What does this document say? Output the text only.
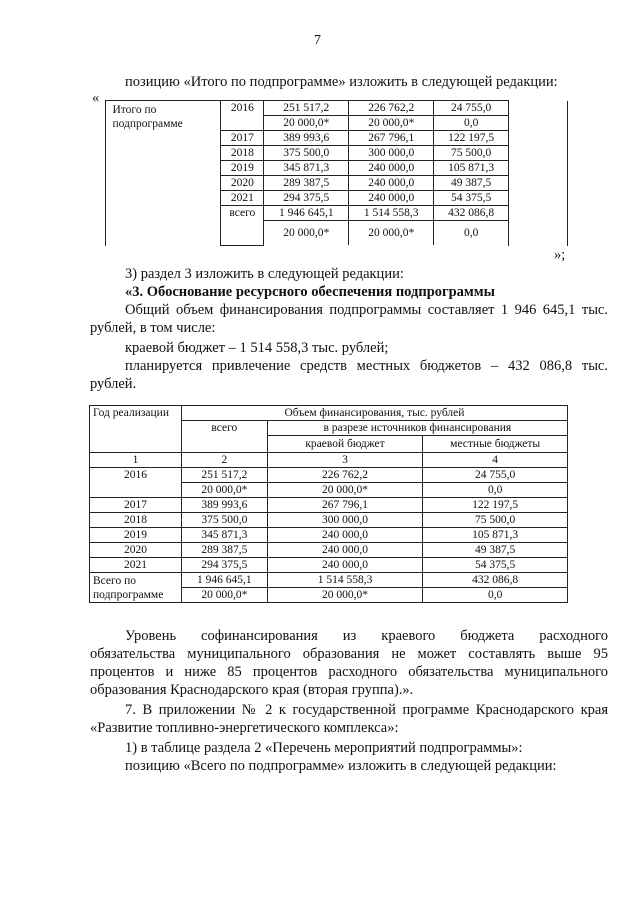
7
позицию «Итого по подпрограмме» изложить в следующей редакции:
«

	Итого по
подпрограмме	2016	251 517,2	226 762,2	24 755,0	
			20 000,0*	20 000,0*	0,0	
		2017	389 993,6	267 796,1	122 197,5	
		2018	375 500,0	300 000,0	75 500,0	
		2019	345 871,3	240 000,0	105 871,3	
		2020	289 387,5	240 000,0	49 387,5	
		2021	294 375,5	240 000,0	54 375,5	
		всего	1 946 645,1	1 514 558,3	432 086,8	
			20 000,0*	20 000,0*	0,0	

»;
3) раздел 3 изложить в следующей редакции:
«3. Обоснование ресурсного обеспечения подпрограммы
Общий объем финансирования подпрограммы составляет 1 946 645,1 тыс.
рублей, в том числе:
краевой бюджет – 1 514 558,3 тыс. рублей;
планируется привлечение средств местных бюджетов – 432 086,8 тыс.
рублей.
Год реализации	Объем финансирования, тыс. рублей		
	всего	в разрезе источников финансирования	
		краевой бюджет	местные бюджеты
1	2	3	4
2016	251 517,2	226 762,2	24 755,0
	20 000,0*	20 000,0*	0,0
2017	389 993,6	267 796,1	122 197,5
2018	375 500,0	300 000,0	75 500,0
2019	345 871,3	240 000,0	105 871,3
2020	289 387,5	240 000,0	49 387,5
2021	294 375,5	240 000,0	54 375,5

Всего по
подпрограмме	1 946 645,1	1 514 558,3	432 086,8
	20 000,0*	20 000,0*	0,0
Уровень софинансирования из краевого бюджета расходного
обязательства муниципального образования не может составлять выше 95
процентов и ниже 85 процентов расходного обязательства муниципального
образования Краснодарского края (вторая группа).».
7. В приложении № 2 к государственной программе Краснодарского края
«Развитие топливно-энергетического комплекса»:
1) в таблице раздела 2 «Перечень мероприятий подпрограммы»:
позицию «Всего по подпрограмме» изложить в следующей редакции:
